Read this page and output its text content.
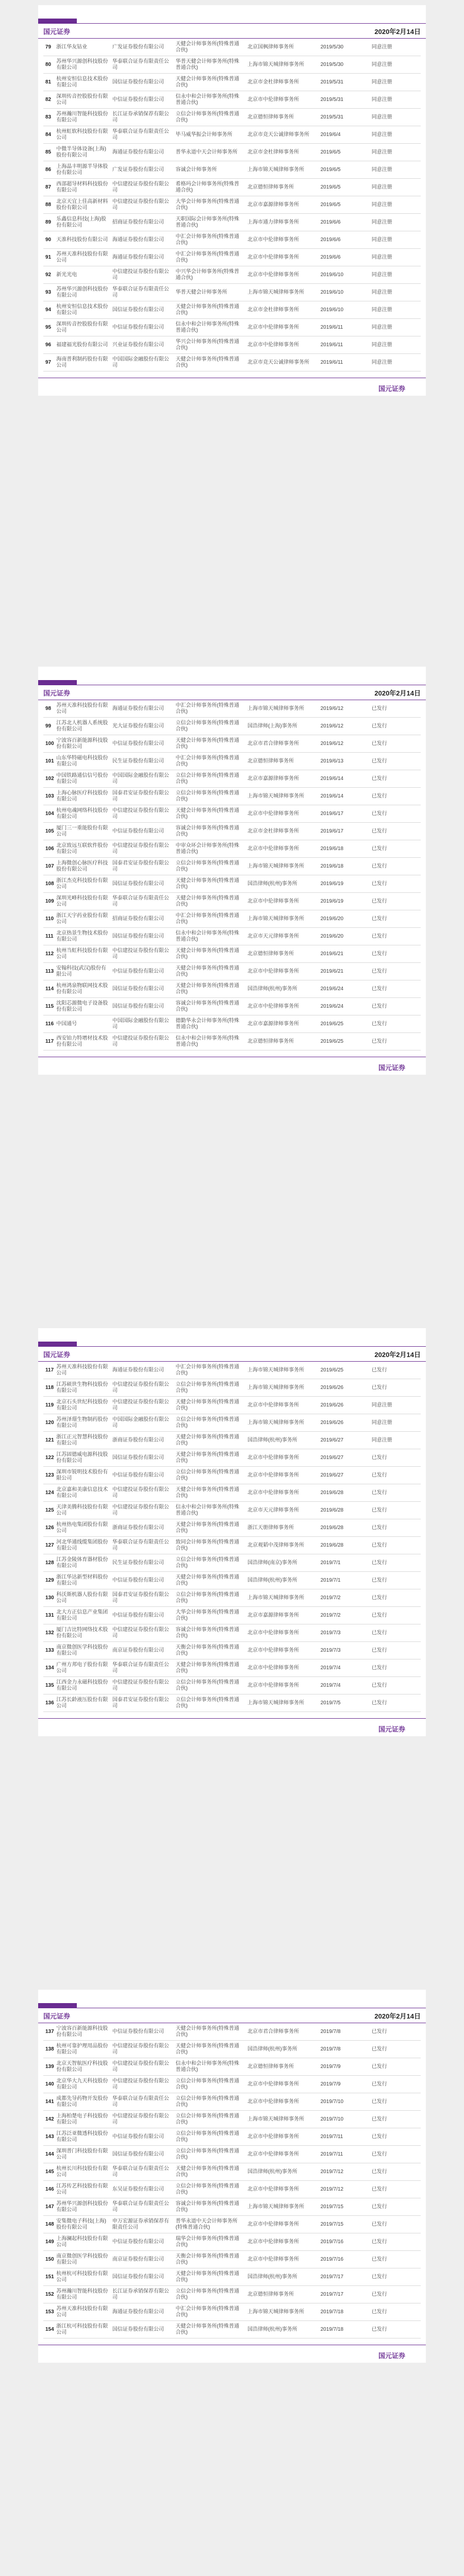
国元证券	2020年2月14日
79	浙江华友钴业	广发证券股份有限公司	天健会计师事务所(特殊普通合伙)	北京国枫律师事务所	2019/5/30	同意注册
80	苏州华兴源创科技股份有限公司	华泰联合证券有限责任公司	华普天健会计师事务所(特殊普通合伙)	上海市锦天城律师事务所	2019/5/30	同意注册
81	杭州安恒信息技术股份有限公司	国信证券股份有限公司	天健会计师事务所(特殊普通合伙)	北京市金杜律师事务所	2019/5/31	同意注册
82	深圳传音控股股份有限公司	中信证券股份有限公司	信永中和会计师事务所(特殊普通合伙)	北京市中伦律师事务所	2019/5/31	同意注册
83	苏州瀚川智能科技股份有限公司	长江证券承销保荐有限公司	立信会计师事务所(特殊普通合伙)	北京德恒律师事务所	2019/5/31	同意注册
84	杭州虹软科技股份有限公司	华泰联合证券有限责任公司	毕马威华振会计师事务所	北京市竞天公诚律师事务所	2019/6/4	同意注册
85	中微半导体设备(上海)股份有限公司	海通证券股份有限公司	普华永道中天会计师事务所	北京市金杜律师事务所	2019/6/5	同意注册
86	上海晶丰明源半导体股份有限公司	广发证券股份有限公司	容诚会计师事务所	上海市锦天城律师事务所	2019/6/5	同意注册
87	西部超导材料科技股份有限公司	中信建投证券股份有限公司	希格玛会计师事务所(特殊普通合伙)	北京德恒律师事务所	2019/6/5	同意注册
88	北京天宜上佳高新材料股份有限公司	中信建投证券股份有限公司	大华会计师事务所(特殊普通合伙)	北京市嘉源律师事务所	2019/6/5	同意注册
89	乐鑫信息科技(上海)股份有限公司	招商证券股份有限公司	天职国际会计师事务所(特殊普通合伙)	上海市通力律师事务所	2019/6/6	同意注册
90	天准科技股份有限公司	海通证券股份有限公司	中汇会计师事务所(特殊普通合伙)	北京市中伦律师事务所	2019/6/6	同意注册
91	苏州天准科技股份有限公司	海通证券股份有限公司	中汇会计师事务所(特殊普通合伙)	北京市中伦律师事务所	2019/6/6	同意注册
92	新光光电	中信建投证券股份有限公司	中兴华会计师事务所(特殊普通合伙)	北京市中伦律师事务所	2019/6/10	同意注册
93	苏州华兴源创科技股份有限公司	华泰联合证券有限责任公司	华普天健会计师事务所	上海市锦天城律师事务所	2019/6/10	同意注册
94	杭州安恒信息技术股份有限公司	国信证券股份有限公司	天健会计师事务所(特殊普通合伙)	北京市金杜律师事务所	2019/6/10	同意注册
95	深圳传音控股股份有限公司	中信证券股份有限公司	信永中和会计师事务所(特殊普通合伙)	北京市中伦律师事务所	2019/6/11	同意注册
96	福建福光股份有限公司	兴业证券股份有限公司	华兴会计师事务所(特殊普通合伙)	北京市中伦律师事务所	2019/6/11	同意注册
97	海南普利制药股份有限公司	中国国际金融股份有限公司	天健会计师事务所(特殊普通合伙)	北京市竞天公诚律师事务所	2019/6/11	同意注册
国元证券
国元证券	2020年2月14日
98	苏州天准科技股份有限公司	海通证券股份有限公司	中汇会计师事务所(特殊普通合伙)	上海市锦天城律师事务所	2019/6/12	已发行
99	江苏北人机器人系统股份有限公司	光大证券股份有限公司	立信会计师事务所(特殊普通合伙)	国浩律师(上海)事务所	2019/6/12	已发行
100	宁波容百新能源科技股份有限公司	中信证券股份有限公司	天健会计师事务所(特殊普通合伙)	北京市君合律师事务所	2019/6/12	已发行
101	山东华特磁电科技股份有限公司	民生证券股份有限公司	中汇会计师事务所(特殊普通合伙)	北京德恒律师事务所	2019/6/13	已发行
102	中国铁路通信信号股份有限公司	中国国际金融股份有限公司	立信会计师事务所(特殊普通合伙)	北京市嘉源律师事务所	2019/6/14	已发行
103	上海心脉医疗科技股份有限公司	国泰君安证券股份有限公司	立信会计师事务所(特殊普通合伙)	上海市锦天城律师事务所	2019/6/14	已发行
104	杭州电魂网络科技股份有限公司	中信建投证券股份有限公司	天健会计师事务所(特殊普通合伙)	北京市中伦律师事务所	2019/6/17	已发行
105	厦门三一重能股份有限公司	中信证券股份有限公司	容诚会计师事务所(特殊普通合伙)	北京市金杜律师事务所	2019/6/17	已发行
106	北京致远互联软件股份有限公司	中信建投证券股份有限公司	中审众环会计师事务所(特殊普通合伙)	北京市中伦律师事务所	2019/6/18	已发行
107	上海微创心脉医疗科技股份有限公司	国泰君安证券股份有限公司	立信会计师事务所(特殊普通合伙)	上海市锦天城律师事务所	2019/6/18	已发行
108	浙江杰克科技股份有限公司	国信证券股份有限公司	天健会计师事务所(特殊普通合伙)	国浩律师(杭州)事务所	2019/6/19	已发行
109	深圳光峰科技股份有限公司	华泰联合证券有限责任公司	天健会计师事务所(特殊普通合伙)	北京市中伦律师事务所	2019/6/19	已发行
110	浙江天宇药业股份有限公司	招商证券股份有限公司	中汇会计师事务所(特殊普通合伙)	上海市锦天城律师事务所	2019/6/20	已发行
111	北京热景生物技术股份有限公司	国信证券股份有限公司	信永中和会计师事务所(特殊普通合伙)	北京市天元律师事务所	2019/6/20	已发行
112	杭州当虹科技股份有限公司	中信建投证券股份有限公司	天健会计师事务所(特殊普通合伙)	北京德恒律师事务所	2019/6/21	已发行
113	安翰科技(武汉)股份有限公司	中信证券股份有限公司	天健会计师事务所(特殊普通合伙)	北京市中伦律师事务所	2019/6/21	已发行
114	杭州鸿泉物联网技术股份有限公司	国信证券股份有限公司	天健会计师事务所(特殊普通合伙)	国浩律师(杭州)事务所	2019/6/24	已发行
115	沈阳芯源微电子设备股份有限公司	国信证券股份有限公司	容诚会计师事务所(特殊普通合伙)	北京市中伦律师事务所	2019/6/24	已发行
116	中国通号	中国国际金融股份有限公司	德勤华永会计师事务所(特殊普通合伙)	北京市嘉源律师事务所	2019/6/25	已发行
117	西安铂力特增材技术股份有限公司	中信建投证券股份有限公司	信永中和会计师事务所(特殊普通合伙)	北京德恒律师事务所	2019/6/25	已发行
国元证券
国元证券	2020年2月14日
117	苏州天准科技股份有限公司	海通证券股份有限公司	中汇会计师事务所(特殊普通合伙)	上海市锦天城律师事务所	2019/6/25	已发行
118	江苏硕世生物科技股份有限公司	中信建投证券股份有限公司	立信会计师事务所(特殊普通合伙)	上海市锦天城律师事务所	2019/6/26	已发行
119	北京石头世纪科技股份有限公司	中信建投证券股份有限公司	天健会计师事务所(特殊普通合伙)	北京市中伦律师事务所	2019/6/26	同意注册
120	苏州泽璟生物制药股份有限公司	中国国际金融股份有限公司	立信会计师事务所(特殊普通合伙)	上海市锦天城律师事务所	2019/6/26	同意注册
121	浙江正元智慧科技股份有限公司	浙商证券股份有限公司	天健会计师事务所(特殊普通合伙)	国浩律师(杭州)事务所	2019/6/27	同意注册
122	江苏固德威电源科技股份有限公司	国信证券股份有限公司	天健会计师事务所(特殊普通合伙)	北京市中伦律师事务所	2019/6/27	已发行
123	深圳市锐明技术股份有限公司	中信证券股份有限公司	立信会计师事务所(特殊普通合伙)	北京市中伦律师事务所	2019/6/27	已发行
124	北京嘉和美康信息技术有限公司	中信建投证券股份有限公司	天健会计师事务所(特殊普通合伙)	北京市中伦律师事务所	2019/6/28	已发行
125	天津美腾科技股份有限公司	中信建投证券股份有限公司	信永中和会计师事务所(特殊普通合伙)	北京市天元律师事务所	2019/6/28	已发行
126	杭州热电集团股份有限公司	浙商证券股份有限公司	天健会计师事务所(特殊普通合伙)	浙江天册律师事务所	2019/6/28	已发行
127	河北华通线缆集团股份有限公司	华泰联合证券有限责任公司	致同会计师事务所(特殊普通合伙)	北京观韬中茂律师事务所	2019/6/28	已发行
128	江苏金陵体育器材股份有限公司	民生证券股份有限公司	立信会计师事务所(特殊普通合伙)	国浩律师(南京)事务所	2019/7/1	已发行
129	浙江华达新型材料股份有限公司	中信证券股份有限公司	天健会计师事务所(特殊普通合伙)	国浩律师(杭州)事务所	2019/7/1	已发行
130	科沃斯机器人股份有限公司	国泰君安证券股份有限公司	立信会计师事务所(特殊普通合伙)	上海市锦天城律师事务所	2019/7/2	已发行
131	北大方正信息产业集团有限公司	中信证券股份有限公司	大华会计师事务所(特殊普通合伙)	北京市嘉源律师事务所	2019/7/2	已发行
132	厦门吉比特网络技术股份有限公司	中信建投证券股份有限公司	容诚会计师事务所(特殊普通合伙)	北京市中伦律师事务所	2019/7/3	已发行
133	南京微创医学科技股份有限公司	南京证券股份有限公司	天衡会计师事务所(特殊普通合伙)	北京市中伦律师事务所	2019/7/3	已发行
134	广州方邦电子股份有限公司	华泰联合证券有限责任公司	天健会计师事务所(特殊普通合伙)	北京市中伦律师事务所	2019/7/4	已发行
135	江西金力永磁科技股份有限公司	中信建投证券股份有限公司	立信会计师事务所(特殊普通合伙)	北京市中伦律师事务所	2019/7/4	已发行
136	江苏长龄液压股份有限公司	国泰君安证券股份有限公司	立信会计师事务所(特殊普通合伙)	上海市锦天城律师事务所	2019/7/5	已发行
国元证券
国元证券	2020年2月14日
137	宁波容百新能源科技股份有限公司	中信证券股份有限公司	天健会计师事务所(特殊普通合伙)	北京市君合律师事务所	2019/7/8	已发行
138	杭州可靠护理用品股份有限公司	中信建投证券股份有限公司	天健会计师事务所(特殊普通合伙)	国浩律师(杭州)事务所	2019/7/8	已发行
139	北京天智航医疗科技股份有限公司	中信建投证券股份有限公司	信永中和会计师事务所(特殊普通合伙)	北京德恒律师事务所	2019/7/9	已发行
140	北京华大九天科技股份有限公司	中信建投证券股份有限公司	立信会计师事务所(特殊普通合伙)	北京市中伦律师事务所	2019/7/9	已发行
141	成都先导药物开发股份有限公司	华泰联合证券有限责任公司	立信会计师事务所(特殊普通合伙)	北京市中伦律师事务所	2019/7/10	已发行
142	上海柏楚电子科技股份有限公司	中信建投证券股份有限公司	立信会计师事务所(特殊普通合伙)	上海市锦天城律师事务所	2019/7/10	已发行
143	江苏泛亚微透科技股份有限公司	中信证券股份有限公司	立信会计师事务所(特殊普通合伙)	北京市中伦律师事务所	2019/7/11	已发行
144	深圳普门科技股份有限公司	国信证券股份有限公司	立信会计师事务所(特殊普通合伙)	北京市中伦律师事务所	2019/7/11	已发行
145	杭州长川科技股份有限公司	华泰联合证券有限责任公司	天健会计师事务所(特殊普通合伙)	国浩律师(杭州)事务所	2019/7/12	已发行
146	江苏传艺科技股份有限公司	东吴证券股份有限公司	立信会计师事务所(特殊普通合伙)	北京市中伦律师事务所	2019/7/12	已发行
147	苏州华兴源创科技股份有限公司	华泰联合证券有限责任公司	容诚会计师事务所(特殊普通合伙)	上海市锦天城律师事务所	2019/7/15	已发行
148	安集微电子科技(上海)股份有限公司	申万宏源证券承销保荐有限责任公司	普华永道中天会计师事务所(特殊普通合伙)	北京市中伦律师事务所	2019/7/15	已发行
149	上海澜起科技股份有限公司	中信证券股份有限公司	瑞华会计师事务所(特殊普通合伙)	北京市中伦律师事务所	2019/7/16	已发行
150	南京微创医学科技股份有限公司	南京证券股份有限公司	天衡会计师事务所(特殊普通合伙)	北京市中伦律师事务所	2019/7/16	已发行
151	杭州杭可科技股份有限公司	国信证券股份有限公司	天健会计师事务所(特殊普通合伙)	国浩律师(杭州)事务所	2019/7/17	已发行
152	苏州瀚川智能科技股份有限公司	长江证券承销保荐有限公司	立信会计师事务所(特殊普通合伙)	北京德恒律师事务所	2019/7/17	已发行
153	苏州天准科技股份有限公司	海通证券股份有限公司	中汇会计师事务所(特殊普通合伙)	上海市锦天城律师事务所	2019/7/18	已发行
154	浙江杭可科技股份有限公司	国信证券股份有限公司	天健会计师事务所(特殊普通合伙)	国浩律师(杭州)事务所	2019/7/18	已发行
国元证券
